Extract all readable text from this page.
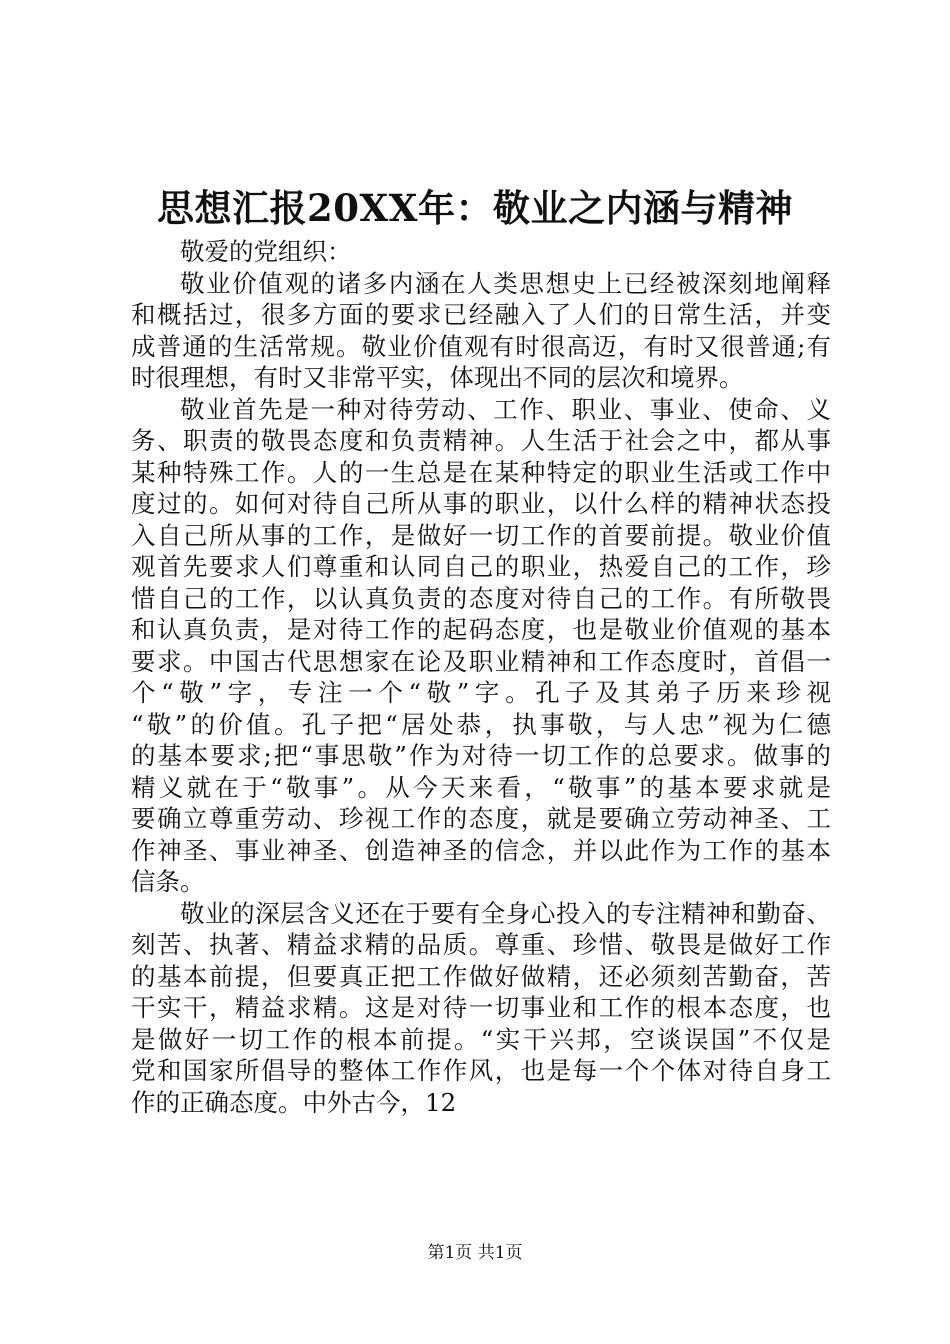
思想汇报20XX年：敬业之内涵与精神
敬爱的党组织：
敬业价值观的诸多内涵在人类思想史上已经被深刻地阐释
和概括过，很多方面的要求已经融入了人们的日常生活，并变
成普通的生活常规。敬业价值观有时很高迈，有时又很普通;有
时很理想，有时又非常平实，体现出不同的层次和境界。
敬业首先是一种对待劳动、工作、职业、事业、使命、义
务、职责的敬畏态度和负责精神。人生活于社会之中，都从事
某种特殊工作。人的一生总是在某种特定的职业生活或工作中
度过的。如何对待自己所从事的职业，以什么样的精神状态投
入自己所从事的工作，是做好一切工作的首要前提。敬业价值
观首先要求人们尊重和认同自己的职业，热爱自己的工作，珍
惜自己的工作，以认真负责的态度对待自己的工作。有所敬畏
和认真负责，是对待工作的起码态度，也是敬业价值观的基本
要求。中国古代思想家在论及职业精神和工作态度时，首倡一
个“敬”字，专注一个“敬”字。孔子及其弟子历来珍视
“敬”的价值。孔子把“居处恭，执事敬，与人忠”视为仁德
的基本要求;把“事思敬”作为对待一切工作的总要求。做事的
精义就在于“敬事”。从今天来看，“敬事”的基本要求就是
要确立尊重劳动、珍视工作的态度，就是要确立劳动神圣、工
作神圣、事业神圣、创造神圣的信念，并以此作为工作的基本
信条。
敬业的深层含义还在于要有全身心投入的专注精神和勤奋、
刻苦、执著、精益求精的品质。尊重、珍惜、敬畏是做好工作
的基本前提，但要真正把工作做好做精，还必须刻苦勤奋，苦
干实干，精益求精。这是对待一切事业和工作的根本态度，也
是做好一切工作的根本前提。“实干兴邦，空谈误国”不仅是
党和国家所倡导的整体工作作风，也是每一个个体对待自身工
作的正确态度。中外古今，12
第1页 共1页
